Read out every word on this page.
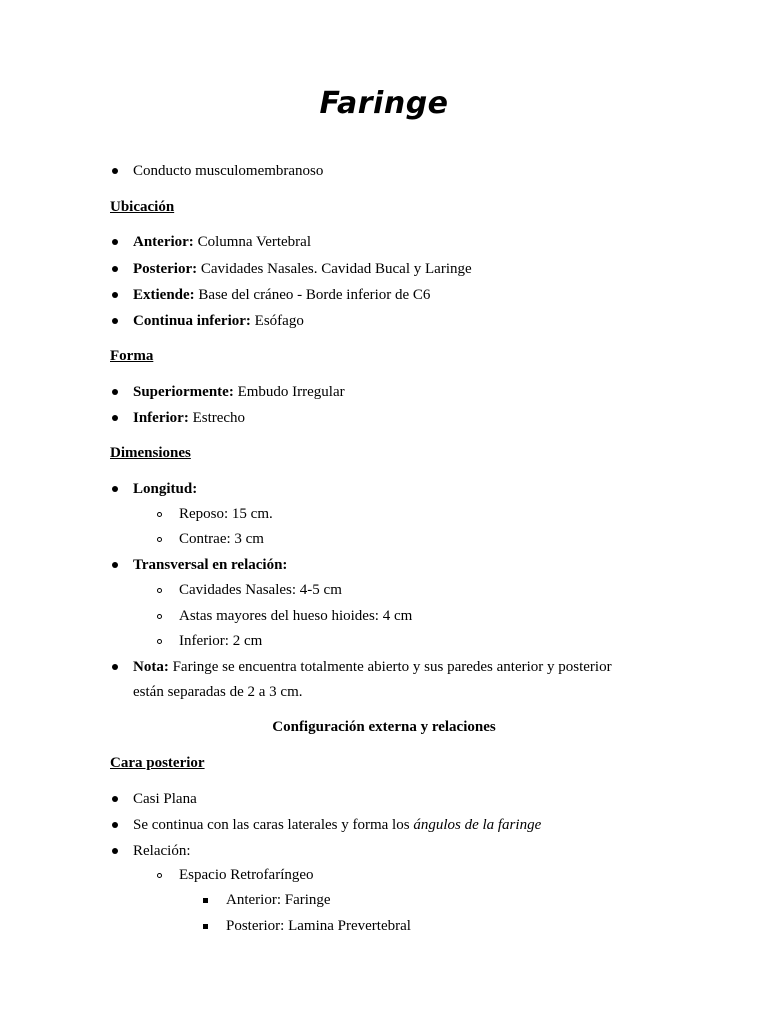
Faringe
Conducto musculomembranoso
Ubicación
Anterior: Columna Vertebral
Posterior: Cavidades Nasales. Cavidad Bucal y Laringe
Extiende: Base del cráneo - Borde inferior de C6
Continua inferior: Esófago
Forma
Superiormente: Embudo Irregular
Inferior: Estrecho
Dimensiones
Longitud:
Reposo: 15 cm.
Contrae: 3 cm
Transversal en relación:
Cavidades Nasales: 4-5 cm
Astas mayores del hueso hioides: 4 cm
Inferior: 2 cm
Nota: Faringe se encuentra totalmente abierto y sus paredes anterior y posterior
están separadas de 2 a 3 cm.
Configuración externa y relaciones
Cara posterior
Casi Plana
Se continua con las caras laterales y forma los ángulos de la faringe
Relación:
Espacio Retrofaríngeo
Anterior: Faringe
Posterior: Lamina Prevertebral
